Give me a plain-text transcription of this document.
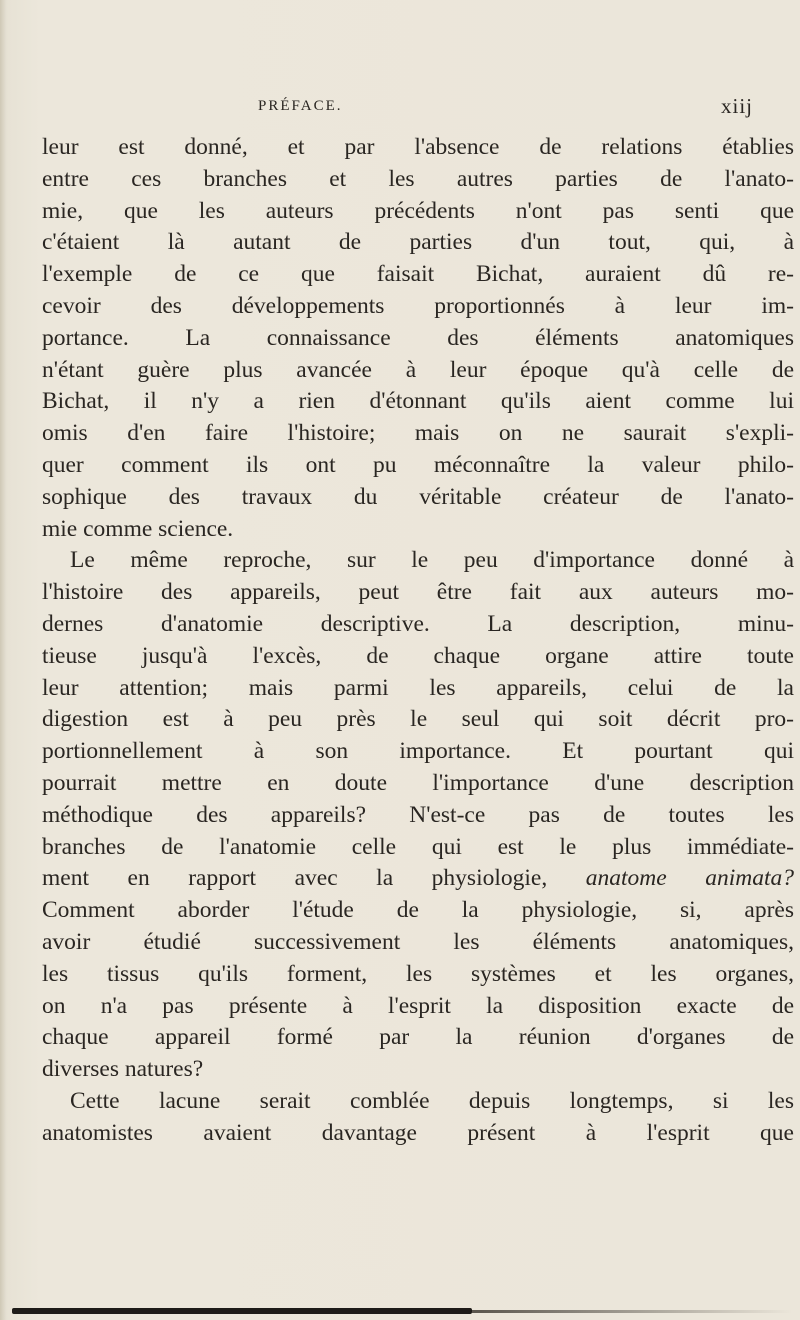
PRÉFACE.	xiij
leur est donné, et par l'absence de relations établies
entre ces branches et les autres parties de l'anato-
mie, que les auteurs précédents n'ont pas senti que
c'étaient là autant de parties d'un tout, qui, à
l'exemple de ce que faisait Bichat, auraient dû re-
cevoir des développements proportionnés à leur im-
portance. La connaissance des éléments anatomiques
n'étant guère plus avancée à leur époque qu'à celle de
Bichat, il n'y a rien d'étonnant qu'ils aient comme lui
omis d'en faire l'histoire; mais on ne saurait s'expli-
quer comment ils ont pu méconnaître la valeur philo-
sophique des travaux du véritable créateur de l'anato-
mie comme science.
Le même reproche, sur le peu d'importance donné à
l'histoire des appareils, peut être fait aux auteurs mo-
dernes d'anatomie descriptive. La description, minu-
tieuse jusqu'à l'excès, de chaque organe attire toute
leur attention; mais parmi les appareils, celui de la
digestion est à peu près le seul qui soit décrit pro-
portionnellement à son importance. Et pourtant qui
pourrait mettre en doute l'importance d'une description
méthodique des appareils? N'est-ce pas de toutes les
branches de l'anatomie celle qui est le plus immédiate-
ment en rapport avec la physiologie, anatome animata?
Comment aborder l'étude de la physiologie, si, après
avoir étudié successivement les éléments anatomiques,
les tissus qu'ils forment, les systèmes et les organes,
on n'a pas présente à l'esprit la disposition exacte de
chaque appareil formé par la réunion d'organes de
diverses natures?
Cette lacune serait comblée depuis longtemps, si les
anatomistes avaient davantage présent à l'esprit que
